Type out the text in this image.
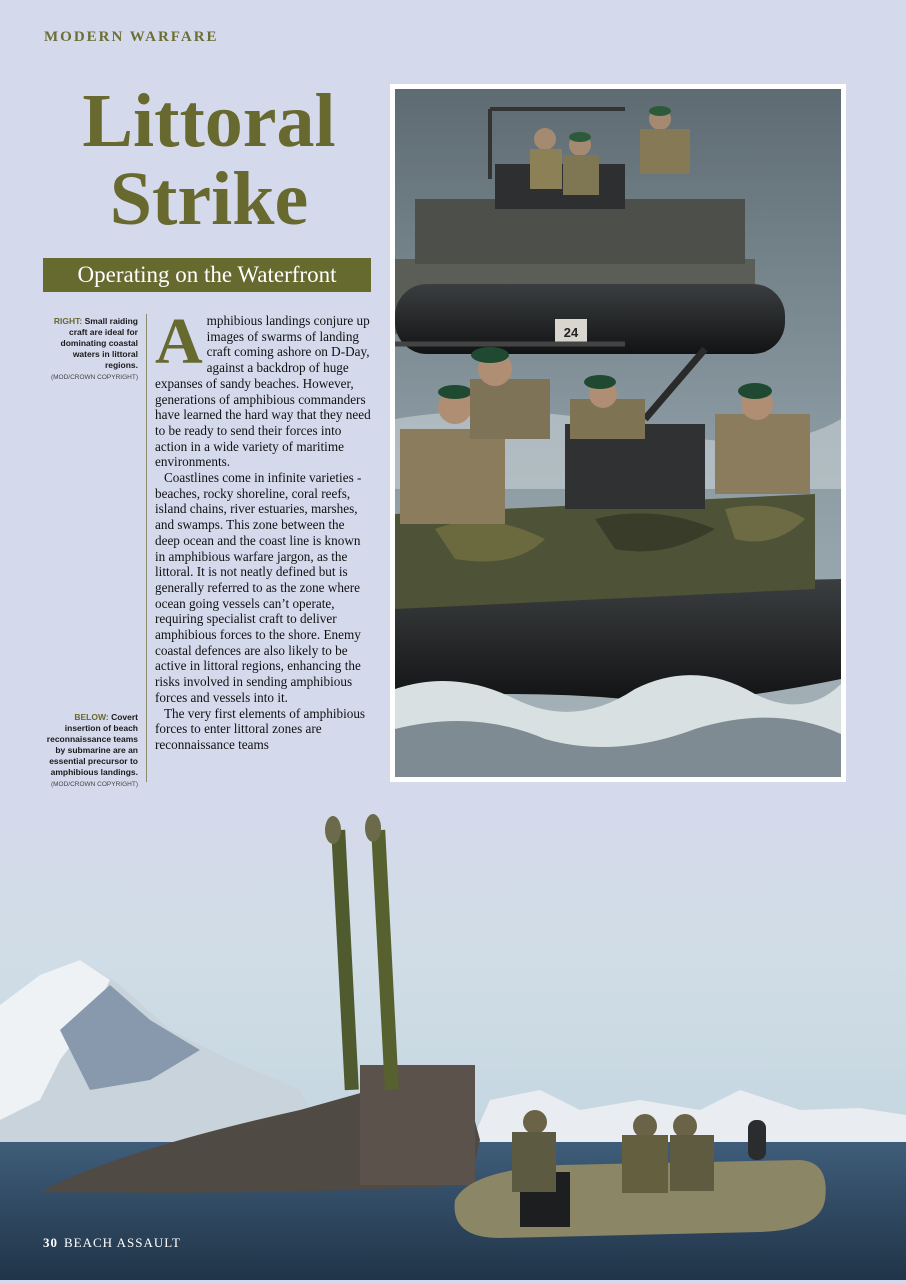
MODERN WARFARE
Littoral
Strike
Operating on the Waterfront
RIGHT: Small raiding craft are ideal for dominating coastal waters in littoral regions.
(MOD/CROWN COPYRIGHT)
BELOW: Covert insertion of beach reconnaissance teams by submarine are an essential precursor to amphibious landings.
(MOD/CROWN COPYRIGHT)

Amphibious landings conjure up images of swarms of landing craft coming ashore on D-Day, against a backdrop of huge expanses of sandy beaches. However, generations of amphibious commanders have learned the hard way that they need to be ready to send their forces into action in a wide variety of maritime environments.

Coastlines come in infinite varieties - beaches, rocky shoreline, coral reefs, island chains, river estuaries, marshes, and swamps. This zone between the deep ocean and the coast line is known in amphibious warfare jargon, as the littoral. It is not neatly defined but is generally referred to as the zone where ocean going vessels can’t operate, requiring specialist craft to deliver amphibious forces to the shore. Enemy coastal defences are also likely to be active in littoral regions, enhancing the risks involved in sending amphibious forces and vessels into it.

The very first elements of amphibious forces to enter littoral zones are reconnaissance teams

24
30 BEACH ASSAULT
